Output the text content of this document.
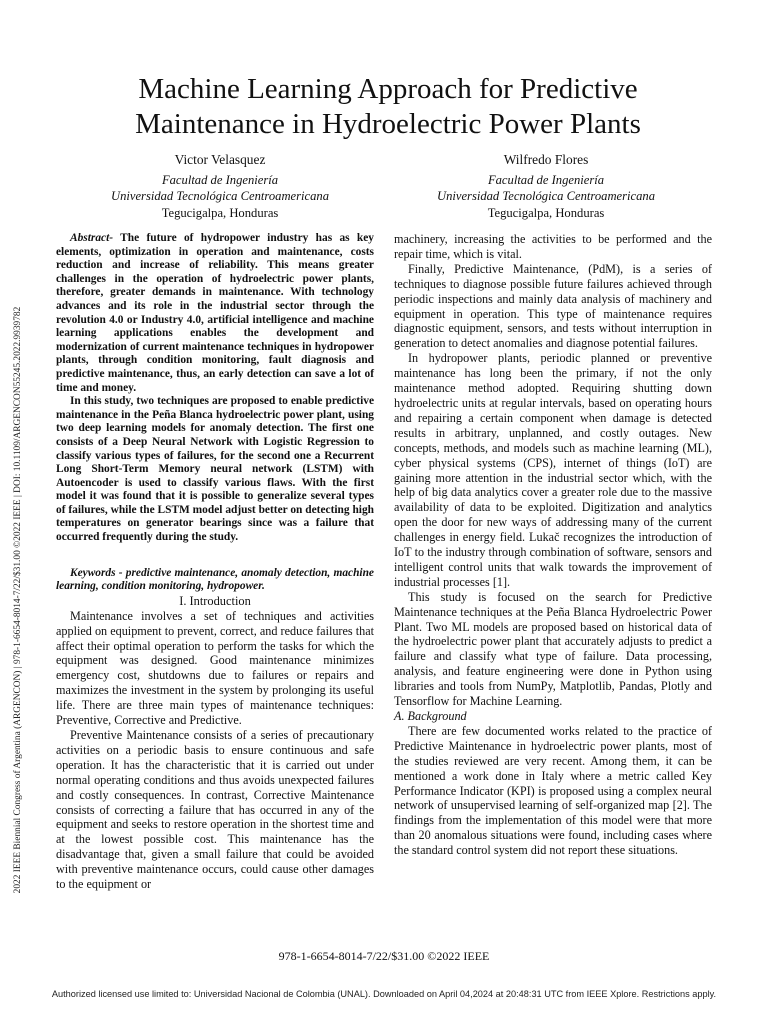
2022 IEEE Biennial Congress of Argentina (ARGENCON) | 978-1-6654-8014-7/22/$31.00 ©2022 IEEE | DOI: 10.1109/ARGENCON55245.2022.9939782
Machine Learning Approach for Predictive Maintenance in Hydroelectric Power Plants
Victor Velasquez
Facultad de Ingeniería
Universidad Tecnológica Centroamericana
Tegucigalpa, Honduras
Wilfredo Flores
Facultad de Ingeniería
Universidad Tecnológica Centroamericana
Tegucigalpa, Honduras

Abstract- The future of hydropower industry has as key elements, optimization in operation and maintenance, costs reduction and increase of reliability. This means greater challenges in the operation of hydroelectric power plants, therefore, greater demands in maintenance. With technology advances and its role in the industrial sector through the revolution 4.0 or Industry 4.0, artificial intelligence and machine learning applications enables the development and modernization of current maintenance techniques in hydropower plants, through condition monitoring, fault diagnosis and predictive maintenance, thus, an early detection can save a lot of time and money.

In this study, two techniques are proposed to enable predictive maintenance in the Peña Blanca hydroelectric power plant, using two deep learning models for anomaly detection. The first one consists of a Deep Neural Network with Logistic Regression to classify various types of failures, for the second one a Recurrent Long Short-Term Memory neural network (LSTM) with Autoencoder is used to classify various flaws. With the first model it was found that it is possible to generalize several types of failures, while the LSTM model adjust better on detecting high temperatures on generator bearings since was a failure that occurred frequently during the study.

Keywords - predictive maintenance, anomaly detection, machine learning, condition monitoring, hydropower.

I. Introduction

Maintenance involves a set of techniques and activities applied on equipment to prevent, correct, and reduce failures that affect their optimal operation to perform the tasks for which the equipment was designed. Good maintenance minimizes emergency cost, shutdowns due to failures or repairs and maximizes the investment in the system by prolonging its useful life. There are three main types of maintenance techniques: Preventive, Corrective and Predictive.

Preventive Maintenance consists of a series of precautionary activities on a periodic basis to ensure continuous and safe operation. It has the characteristic that it is carried out under normal operating conditions and thus avoids unexpected failures and costly consequences. In contrast, Corrective Maintenance consists of correcting a failure that has occurred in any of the equipment and seeks to restore operation in the shortest time and at the lowest possible cost. This maintenance has the disadvantage that, given a small failure that could be avoided with preventive maintenance occurs, could cause other damages to the equipment or

machinery, increasing the activities to be performed and the repair time, which is vital.

Finally, Predictive Maintenance, (PdM), is a series of techniques to diagnose possible future failures achieved through periodic inspections and mainly data analysis of machinery and equipment in operation. This type of maintenance requires diagnostic equipment, sensors, and tests without interruption in generation to detect anomalies and diagnose potential failures.

In hydropower plants, periodic planned or preventive maintenance has long been the primary, if not the only maintenance method adopted. Requiring shutting down hydroelectric units at regular intervals, based on operating hours and repairing a certain component when damage is detected results in arbitrary, unplanned, and costly outages. New concepts, methods, and models such as machine learning (ML), cyber physical systems (CPS), internet of things (IoT) are gaining more attention in the industrial sector which, with the help of big data analytics cover a greater role due to the massive availability of data to be exploited. Digitization and analytics open the door for new ways of addressing many of the current challenges in energy field. Lukač recognizes the introduction of IoT to the industry through combination of software, sensors and intelligent control units that walk towards the improvement of industrial processes [1].

This study is focused on the search for Predictive Maintenance techniques at the Peña Blanca Hydroelectric Power Plant. Two ML models are proposed based on historical data of the hydroelectric power plant that accurately adjusts to predict a failure and classify what type of failure. Data processing, analysis, and feature engineering were done in Python using libraries and tools from NumPy, Matplotlib, Pandas, Plotly and Tensorflow for Machine Learning.

A. Background

There are few documented works related to the practice of Predictive Maintenance in hydroelectric power plants, most of the studies reviewed are very recent. Among them, it can be mentioned a work done in Italy where a metric called Key Performance Indicator (KPI) is proposed using a complex neural network of unsupervised learning of self-organized map [2]. The findings from the implementation of this model were that more than 20 anomalous situations were found, including cases where the standard control system did not report these situations.

978-1-6654-8014-7/22/$31.00 ©2022 IEEE
Authorized licensed use limited to: Universidad Nacional de Colombia (UNAL). Downloaded on April 04,2024 at 20:48:31 UTC from IEEE Xplore. Restrictions apply.
